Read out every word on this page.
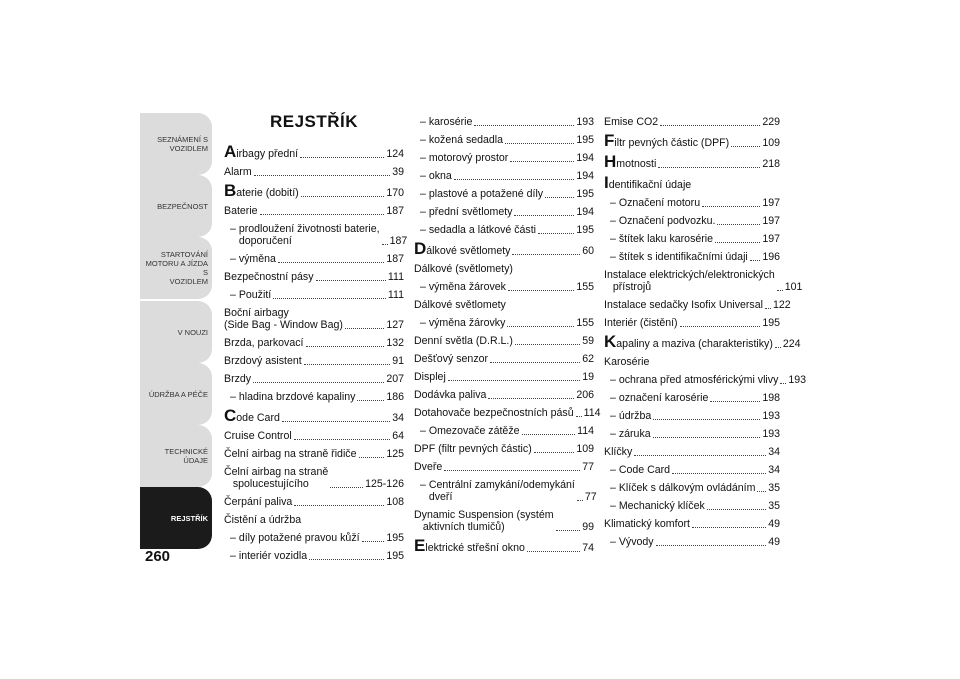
SEZNÁMENÍ S
VOZIDLEM
BEZPEČNOST
STARTOVÁNÍ
MOTORU A JÍZDA S
VOZIDLEM
V NOUZI
ÚDRŽBA A PÉČE
TECHNICKÉ ÚDAJE
REJSTŘÍK
260
REJSTŘÍK
Airbagy přední	124
Alarm	39
Baterie (dobití)	170
Baterie	187
– prodloužení životnosti baterie,
doporučení	187
– výměna	187
Bezpečnostní pásy	111
– Použití	111
Boční airbagy
(Side Bag - Window Bag)	127
Brzda, parkovací	132
Brzdový asistent	91
Brzdy	207
– hladina brzdové kapaliny	186
Code Card	34
Cruise Control	64
Čelní airbag na straně řidiče	125
Čelní airbag na straně
spolucestujícího	125-126
Čerpání paliva	108
Čistění a údržba
– díly potažené pravou kůží	195
– interiér vozidla	195
– karosérie	193
– kožená sedadla	195
– motorový prostor	194
– okna	194
– plastové a potažené díly	195
– přední světlomety	194
– sedadla a látkové části	195
Dálkové světlomety	60
Dálkové (světlomety)
– výměna žárovek	155
Dálkové světlomety
– výměna žárovky	155
Denní světla (D.R.L.)	59
Dešťový senzor	62
Displej	19
Dodávka paliva	206
Dotahovače bezpečnostních pásů 114
– Omezovače zátěže	114
DPF (filtr pevných částic)	109
Dveře	77
– Centrální zamykání/odemykání
dveří	77
Dynamic Suspension (systém
aktivních tlumičů)	99
Elektrické střešní okno	74
Emise CO2	229
Filtr pevných částic (DPF)	109
Hmotnosti	218
Identifikační údaje
– Označení motoru	197
– Označení podvozku.	197
– štítek laku karosérie	197
– štítek s identifikačními údaji 196
Instalace elektrických/elektronických
přístrojů	101
Instalace sedačky Isofix Universal 122
Interiér (čistění)	195
Kapaliny a maziva (charakteristiky) 224
Karosérie
– ochrana před atmosférickými vlivy 193
– označení karosérie	198
– údržba	193
– záruka	193
Klíčky	34
– Code Card	34
– Klíček s dálkovým ovládáním 35
– Mechanický klíček	35
Klimatický komfort	49
– Vývody	49
